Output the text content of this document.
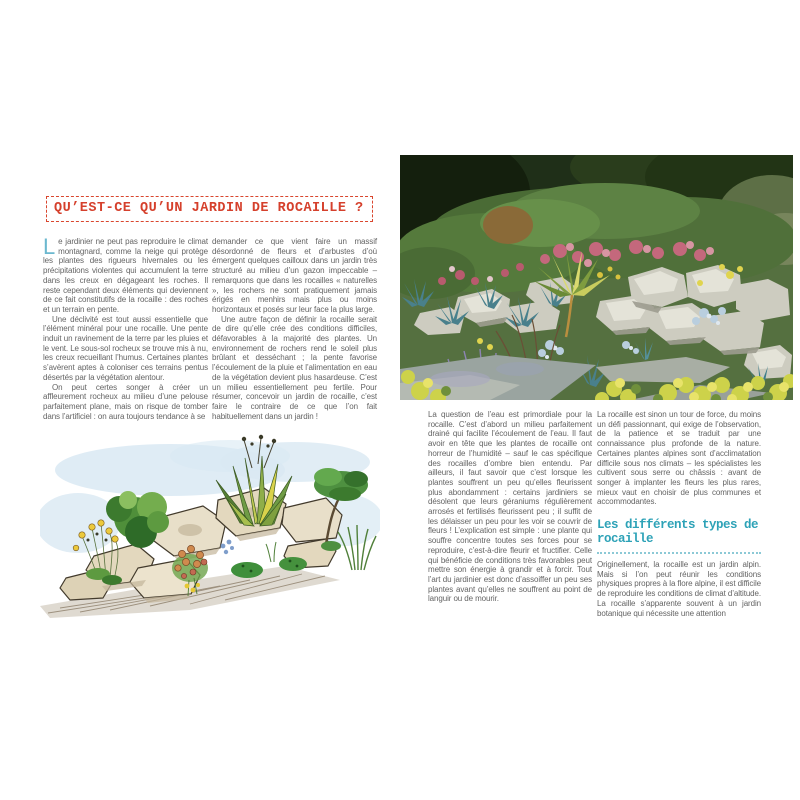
QU’EST-CE QU’UN JARDIN DE ROCAILLE ?

Le jardinier ne peut pas reproduire le climat montagnard, comme la neige qui protège les plantes des rigueurs hivernales ou les précipitations violentes qui accumulent la terre dans les creux en dégageant les roches. Il reste cependant deux éléments qui deviennent de ce fait constitutifs de la rocaille : des roches et un terrain en pente.

Une déclivité est tout aussi essentielle que l’élément minéral pour une rocaille. Une pente induit un ravinement de la terre par les pluies et le vent. Le sous-sol rocheux se trouve mis à nu, les creux recueillant l’humus. Certaines plantes s’avèrent aptes à coloniser ces terrains pentus désertés par la végétation alentour.

On peut certes songer à créer un affleurement rocheux au milieu d’une pelouse parfaitement plane, mais on risque de tomber dans l’artificiel : on aura toujours tendance à se

demander ce que vient faire un massif désordonné de fleurs et d’arbustes d’où émergent quelques cailloux dans un jardin très structuré au milieu d’un gazon impeccable – remarquons que dans les rocailles « naturelles », les rochers ne sont pratiquement jamais érigés en menhirs mais plus ou moins horizontaux et posés sur leur face la plus large.

Une autre façon de définir la rocaille serait de dire qu’elle crée des conditions difficiles, défavorables à la majorité des plantes. Un environnement de rochers rend le soleil plus brûlant et desséchant ; la pente favorise l’écoulement de la pluie et l’alimentation en eau de la végétation devient plus hasardeuse. C’est un milieu essentiellement peu fertile. Pour résumer, concevoir un jardin de rocaille, c’est faire le contraire de ce que l’on fait habituellement dans un jardin !	La question de l’eau est primordiale pour la rocaille. C’est d’abord un milieu parfaitement drainé qui facilite l’écoulement de l’eau. Il faut avoir en tête que les plantes de rocaille ont horreur de l’humidité – sauf le cas spécifique des rocailles d’ombre bien entendu. Par ailleurs, il faut savoir que c’est lorsque les plantes souffrent un peu qu’elles fleurissent plus abondamment : certains jardiniers se désolent que leurs géraniums régulièrement arrosés et fertilisés fleurissent peu ; il suffit de les délaisser un peu pour les voir se couvrir de fleurs ! L’explication est simple : une plante qui souffre concentre toutes ses forces pour se reproduire, c’est-à-dire fleurir et fructifier. Celle qui bénéficie de conditions très favorables peut mettre son énergie à grandir et à forcir. Tout l’art du jardinier est donc d’assoiffer un peu ses plantes avant qu’elles ne souffrent au point de languir ou de mourir.

La rocaille est sinon un tour de force, du moins un défi passionnant, qui exige de l’observation, de la patience et se traduit par une connaissance plus profonde de la nature. Certaines plantes alpines sont d’acclimatation difficile sous nos climats – les spécialistes les cultivent sous serre ou châssis : avant de songer à implanter les fleurs les plus rares, mieux vaut en choisir de plus communes et accommodantes.

Les différents types de rocaille

Originellement, la rocaille est un jardin alpin. Mais si l’on peut réunir les conditions physiques propres à la flore alpine, il est difficile de reproduire les conditions de climat d’altitude. La rocaille s’apparente souvent à un jardin botanique qui nécessite une attention
